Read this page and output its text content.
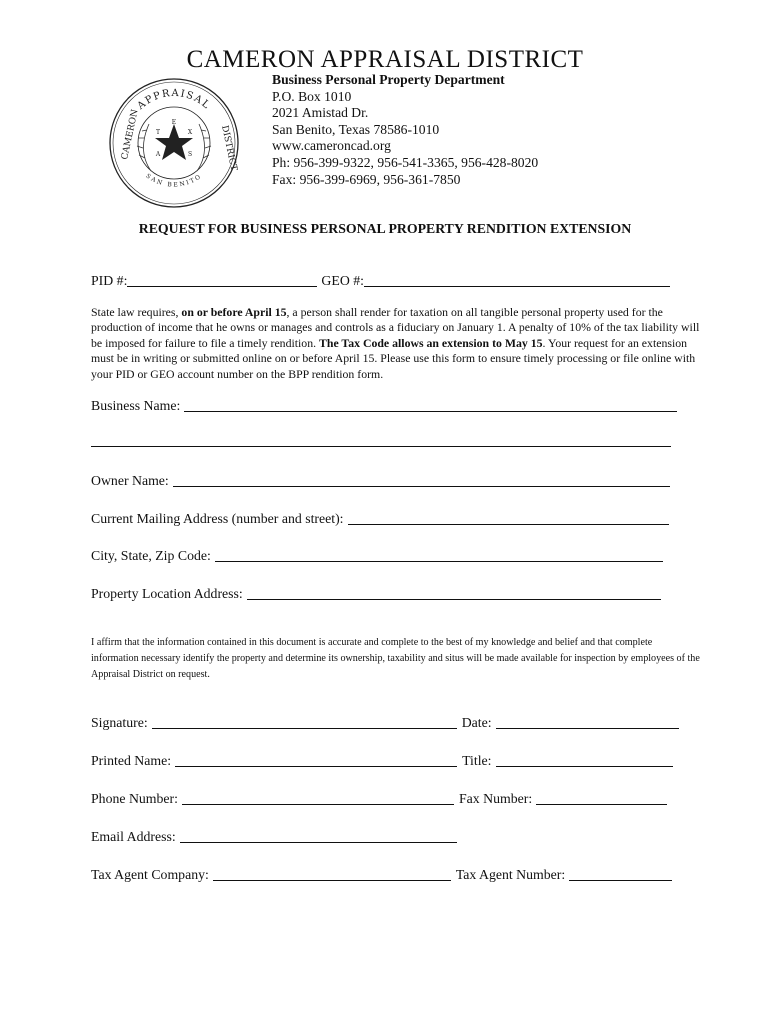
CAMERON APPRAISAL DISTRICT
APPRAISAL
CAMERON	DISTRICT
SAN BENITO
E
X
T
A	S
Business Personal Property Department
P.O. Box 1010
2021 Amistad Dr.
San Benito, Texas 78586-1010
www.cameroncad.org
Ph: 956-399-9322, 956-541-3365, 956-428-8020
Fax: 956-399-6969, 956-361-7850
REQUEST FOR BUSINESS PERSONAL PROPERTY RENDITION EXTENSION
PID #:	GEO #:
State law requires, on or before April 15, a person shall render for taxation on all tangible personal property used for the production of income that he owns or manages and controls as a fiduciary on January 1. A penalty of 10% of the tax liability will be imposed for failure to file a timely rendition. The Tax Code allows an extension to May 15. Your request for an extension must be in writing or submitted online on or before April 15. Please use this form to ensure timely processing or file online with your PID or GEO account number on the BPP rendition form.
Business Name:
Owner Name:
Current Mailing Address (number and street):
City, State, Zip Code:
Property Location Address:
I affirm that the information contained in this document is accurate and complete to the best of my knowledge and belief and that complete information necessary identify the property and determine its ownership, taxability and situs will be made available for inspection by employees of the Appraisal District on request.
Signature:	Date:
Printed Name:	Title:
Phone Number:	Fax Number:
Email Address:
Tax Agent Company:	Tax Agent Number:
